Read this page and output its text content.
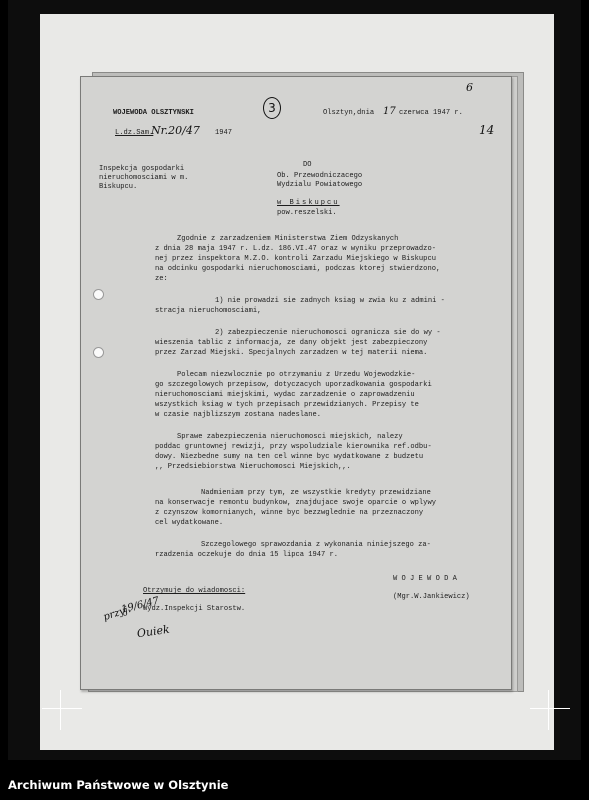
WOJEWODA OLSZTYNSKI	3	Olsztyn,dnia 17 czerwca 1947 r.
6
14
L.dz.Sam.
Nr.20/47 1947
Inspekcja gospodarki
nieruchomosciami w m.
Biskupcu.
DO
Ob. Przewodniczacego
Wydzialu Powiatowego
w Biskupcu
pow.reszelski.
Zgodnie z zarzadzeniem Ministerstwa Ziem Odzyskanych
z dnia 28 maja 1947 r. L.dz. 186.VI.47 oraz w wyniku przeprowadzo-
nej przez inspektora M.Z.O. kontroli Zarzadu Miejskiego w Biskupcu
na odcinku gospodarki nieruchomosciami, podczas ktorej stwierdzono,
ze:
1) nie prowadzi sie zadnych ksiag w zwia ku z admini -
stracja nieruchomosciami,
2) zabezpieczenie nieruchomosci ogranicza sie do wy -
wieszenia tablic z informacja, ze dany objekt jest zabezpieczony
przez Zarzad Miejski. Specjalnych zarzadzen w tej materii niema.
Polecam niezwlocznie po otrzymaniu z Urzedu Wojewodzkie-
go szczegolowych przepisow, dotyczacych uporzadkowania gospodarki
nieruchomosciami miejskimi, wydac zarzadzenie o zaprowadzeniu
wszystkich ksiag w tych przepisach przewidzianych. Przepisy te
w czasie najblizszym zostana nadeslane.
Sprawe zabezpieczenia nieruchomosci miejskich, nalezy
poddac gruntownej rewizji, przy wspoludziale kierownika ref.odbu-
dowy. Niezbedne sumy na ten cel winne byc wydatkowane z budzetu
,, Przedsiebiorstwa Nieruchomosci Miejskich,,.
Nadmieniam przy tym, ze wszystkie kredyty przewidziane
na konserwacje remontu budynkow, znajdujace swoje oparcie o wplywy
z czynszow komornianych, winne byc bezzwglednie na przeznaczony
cel wydatkowane.
Szczegolowego sprawozdania z wykonania niniejszego za-
rzadzenia oczekuje do dnia 15 lipca 1947 r.
W O J E W O D A
(Mgr.W.Jankiewicz)
Otrzymuje do wiadomosci:
Wydz.Inspekcji Starostw.
przyj.
19/6/47
Ouiek
Archiwum Państwowe w Olsztynie
